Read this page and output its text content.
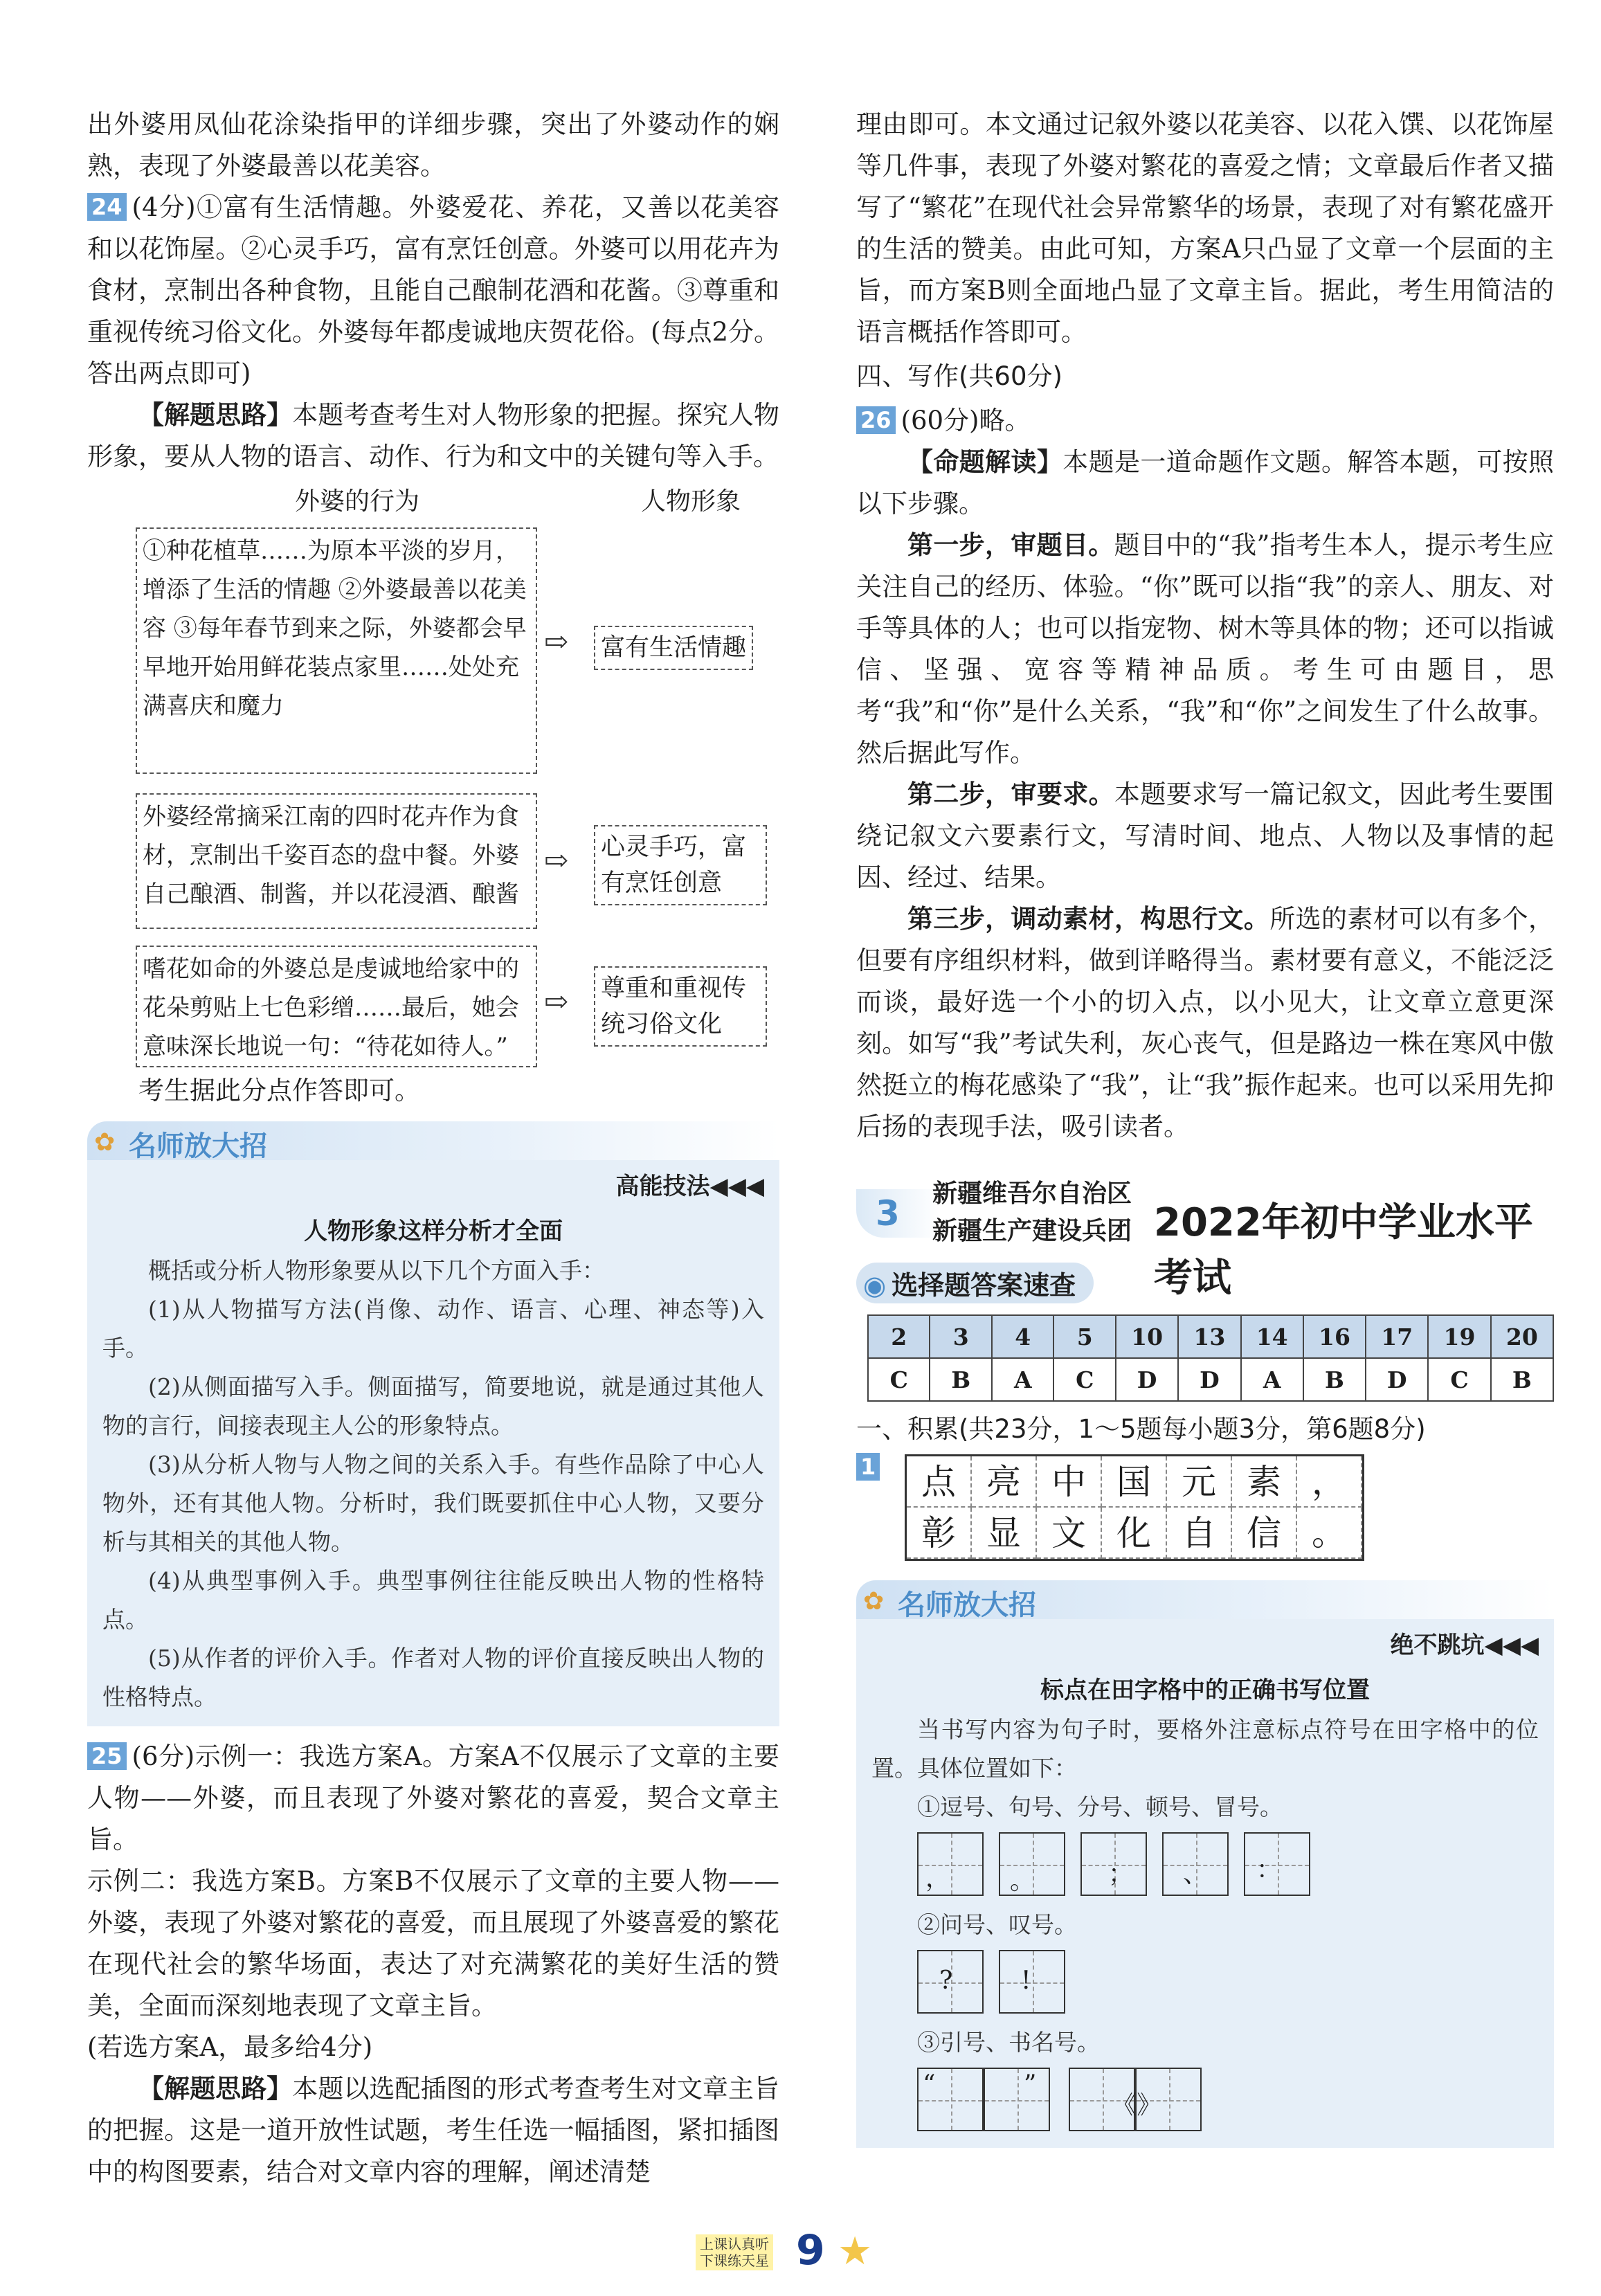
出外婆用凤仙花涂染指甲的详细步骤，突出了外婆动作的娴熟，表现了外婆最善以花美容。

24 (4分)①富有生活情趣。外婆爱花、养花，又善以花美容和以花饰屋。②心灵手巧，富有烹饪创意。外婆可以用花卉为食材，烹制出各种食物，且能自己酿制花酒和花酱。③尊重和重视传统习俗文化。外婆每年都虔诚地庆贺花俗。(每点2分。答出两点即可)

【解题思路】本题考查考生对人物形象的把握。探究人物形象，要从人物的语言、动作、行为和文中的关键句等入手。

外婆的行为	人物形象
①种花植草……为原本平淡的岁月，增添了生活的情趣 ②外婆最善以花美容 ③每年春节到来之际，外婆都会早早地开始用鲜花装点家里……处处充满喜庆和魔力
⇨ 富有生活情趣
外婆经常摘采江南的四时花卉作为食材，烹制出千姿百态的盘中餐。外婆自己酿酒、制酱，并以花浸酒、酿酱
⇨ 心灵手巧，富有烹饪创意
嗜花如命的外婆总是虔诚地给家中的花朵剪贴上七色彩缯……最后，她会意味深长地说一句：“待花如待人。”
⇨ 尊重和重视传统习俗文化

考生据此分点作答即可。

✿ 名师放大招
高能技法◀◀◀
人物形象这样分析才全面

概括或分析人物形象要从以下几个方面入手：

(1)从人物描写方法(肖像、动作、语言、心理、神态等)入手。

(2)从侧面描写入手。侧面描写，简要地说，就是通过其他人物的言行，间接表现主人公的形象特点。

(3)从分析人物与人物之间的关系入手。有些作品除了中心人物外，还有其他人物。分析时，我们既要抓住中心人物，又要分析与其相关的其他人物。

(4)从典型事例入手。典型事例往往能反映出人物的性格特点。

(5)从作者的评价入手。作者对人物的评价直接反映出人物的性格特点。

25 (6分)示例一：我选方案A。方案A不仅展示了文章的主要人物——外婆，而且表现了外婆对繁花的喜爱，契合文章主旨。

示例二：我选方案B。方案B不仅展示了文章的主要人物——外婆，表现了外婆对繁花的喜爱，而且展现了外婆喜爱的繁花在现代社会的繁华场面，表达了对充满繁花的美好生活的赞美，全面而深刻地表现了文章主旨。

(若选方案A，最多给4分)

【解题思路】本题以选配插图的形式考查考生对文章主旨的把握。这是一道开放性试题，考生任选一幅插图，紧扣插图中的构图要素，结合对文章内容的理解，阐述清楚

理由即可。本文通过记叙外婆以花美容、以花入馔、以花饰屋等几件事，表现了外婆对繁花的喜爱之情；文章最后作者又描写了“繁花”在现代社会异常繁华的场景，表现了对有繁花盛开的生活的赞美。由此可知，方案A只凸显了文章一个层面的主旨，而方案B则全面地凸显了文章主旨。据此，考生用简洁的语言概括作答即可。

四、写作(共60分)

26 (60分)略。

【命题解读】本题是一道命题作文题。解答本题，可按照以下步骤。

第一步，审题目。题目中的“我”指考生本人，提示考生应关注自己的经历、体验。“你”既可以指“我”的亲人、朋友、对手等具体的人；也可以指宠物、树木等具体的物；还可以指诚信、坚强、宽容等精神品质。考生可由题目，思考“我”和“你”是什么关系，“我”和“你”之间发生了什么故事。然后据此写作。

第二步，审要求。本题要求写一篇记叙文，因此考生要围绕记叙文六要素行文，写清时间、地点、人物以及事情的起因、经过、结果。

第三步，调动素材，构思行文。所选的素材可以有多个，但要有序组织材料，做到详略得当。素材要有意义，不能泛泛而谈，最好选一个小的切入点，以小见大，让文章立意更深刻。如写“我”考试失利，灰心丧气，但是路边一株在寒风中傲然挺立的梅花感染了“我”，让“我”振作起来。也可以采用先抑后扬的表现手法，吸引读者。

3 新疆维吾尔自治区
新疆生产建设兵团 2022年初中学业水平考试
◉ 选择题答案速查
2	3	4	5	10	13	14	16	17	19	20
C	B	A	C	D	D	A	B	D	C	B

一、积累(共23分，1～5题每小题3分，第6题8分)

1	点 亮 中 国 元 素 ，
彰 显 文 化 自 信 。
✿ 名师放大招
绝不跳坑◀◀◀
标点在田字格中的正确书写位置

当书写内容为句子时，要格外注意标点符号在田字格中的位置。具体位置如下：

①逗号、句号、分号、顿号、冒号。

， 。	； 、 ：

②问号、叹号。

?	!

③引号、书名号。

“	”

《 》
上课认真听
下课练天星 9 ★
